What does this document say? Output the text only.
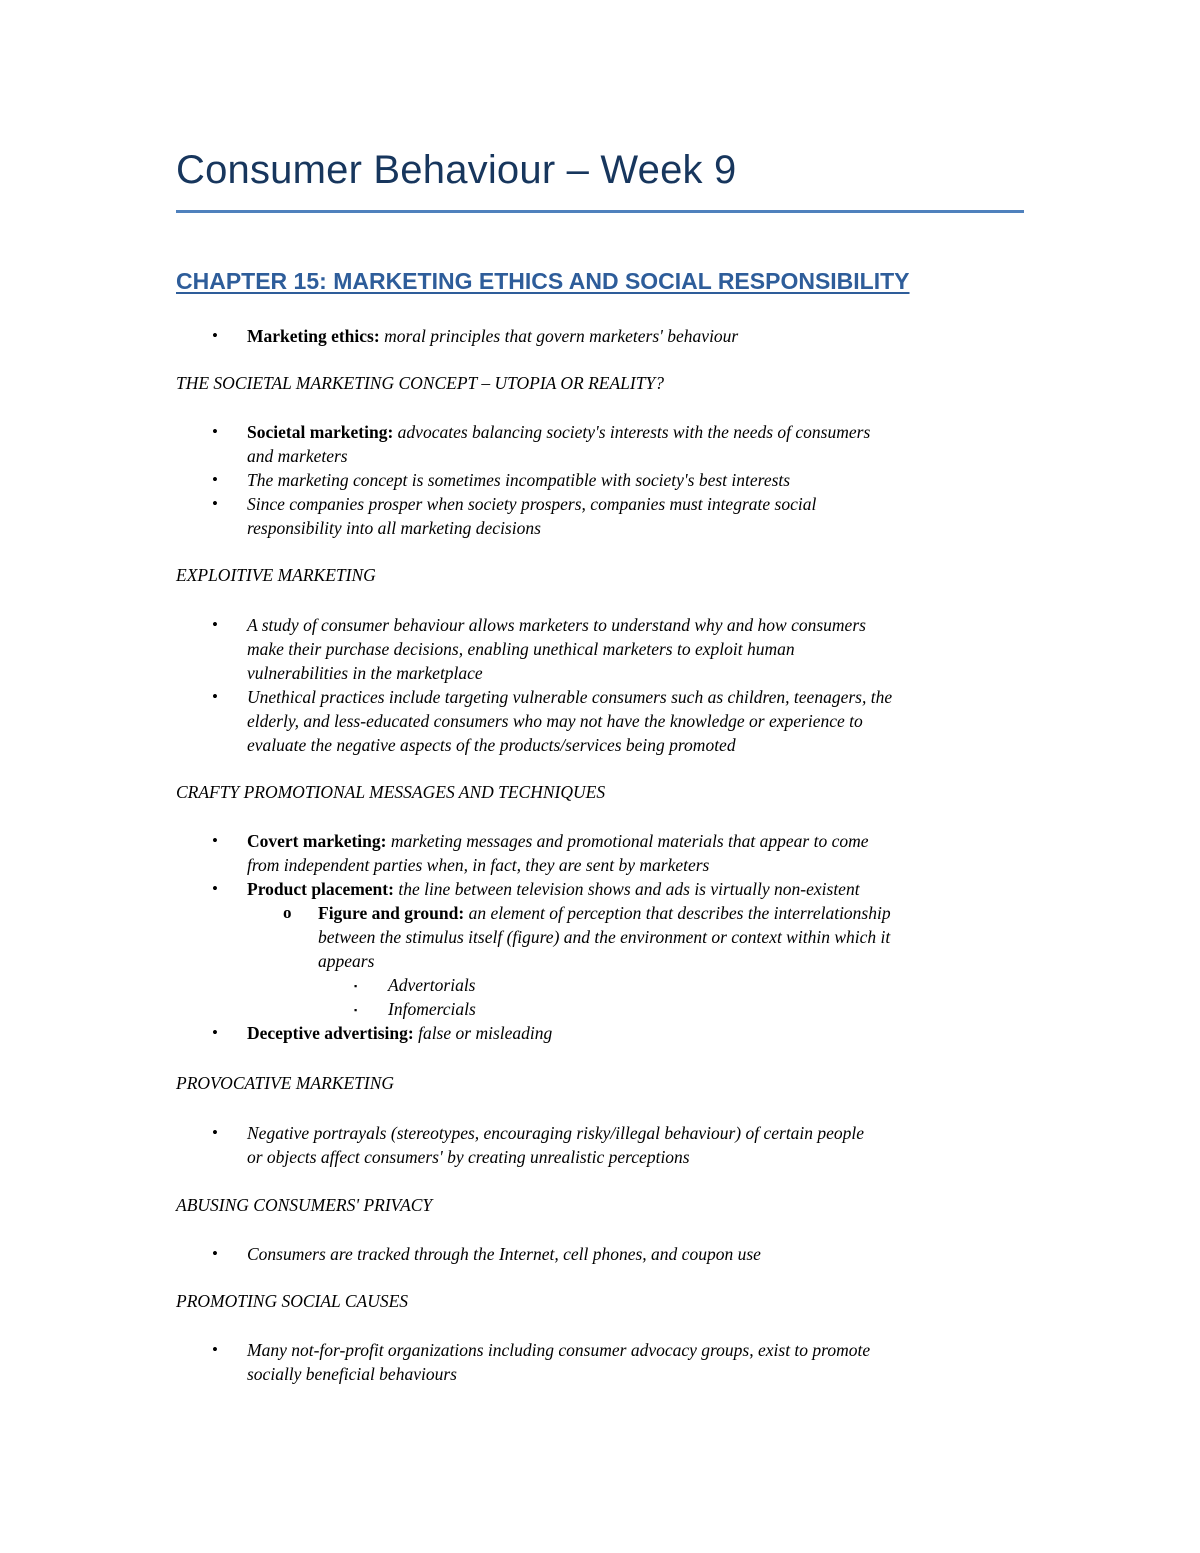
Consumer Behaviour – Week 9
CHAPTER 15: MARKETING ETHICS AND SOCIAL RESPONSIBILITY
• Marketing ethics: moral principles that govern marketers' behaviour
THE SOCIETAL MARKETING CONCEPT – UTOPIA OR REALITY?
• Societal marketing: advocates balancing society's interests with the needs of consumers
and marketers
• The marketing concept is sometimes incompatible with society's best interests
• Since companies prosper when society prospers, companies must integrate social
responsibility into all marketing decisions
EXPLOITIVE MARKETING
• A study of consumer behaviour allows marketers to understand why and how consumers
make their purchase decisions, enabling unethical marketers to exploit human
vulnerabilities in the marketplace
• Unethical practices include targeting vulnerable consumers such as children, teenagers, the
elderly, and less-educated consumers who may not have the knowledge or experience to
evaluate the negative aspects of the products/services being promoted
CRAFTY PROMOTIONAL MESSAGES AND TECHNIQUES
• Covert marketing: marketing messages and promotional materials that appear to come
from independent parties when, in fact, they are sent by marketers
• Product placement: the line between television shows and ads is virtually non-existent
o Figure and ground: an element of perception that describes the interrelationship
between the stimulus itself (figure) and the environment or context within which it
appears
▪ Advertorials
▪ Infomercials
• Deceptive advertising: false or misleading
PROVOCATIVE MARKETING
• Negative portrayals (stereotypes, encouraging risky/illegal behaviour) of certain people
or objects affect consumers' by creating unrealistic perceptions
ABUSING CONSUMERS' PRIVACY
• Consumers are tracked through the Internet, cell phones, and coupon use
PROMOTING SOCIAL CAUSES
• Many not-for-profit organizations including consumer advocacy groups, exist to promote
socially beneficial behaviours
